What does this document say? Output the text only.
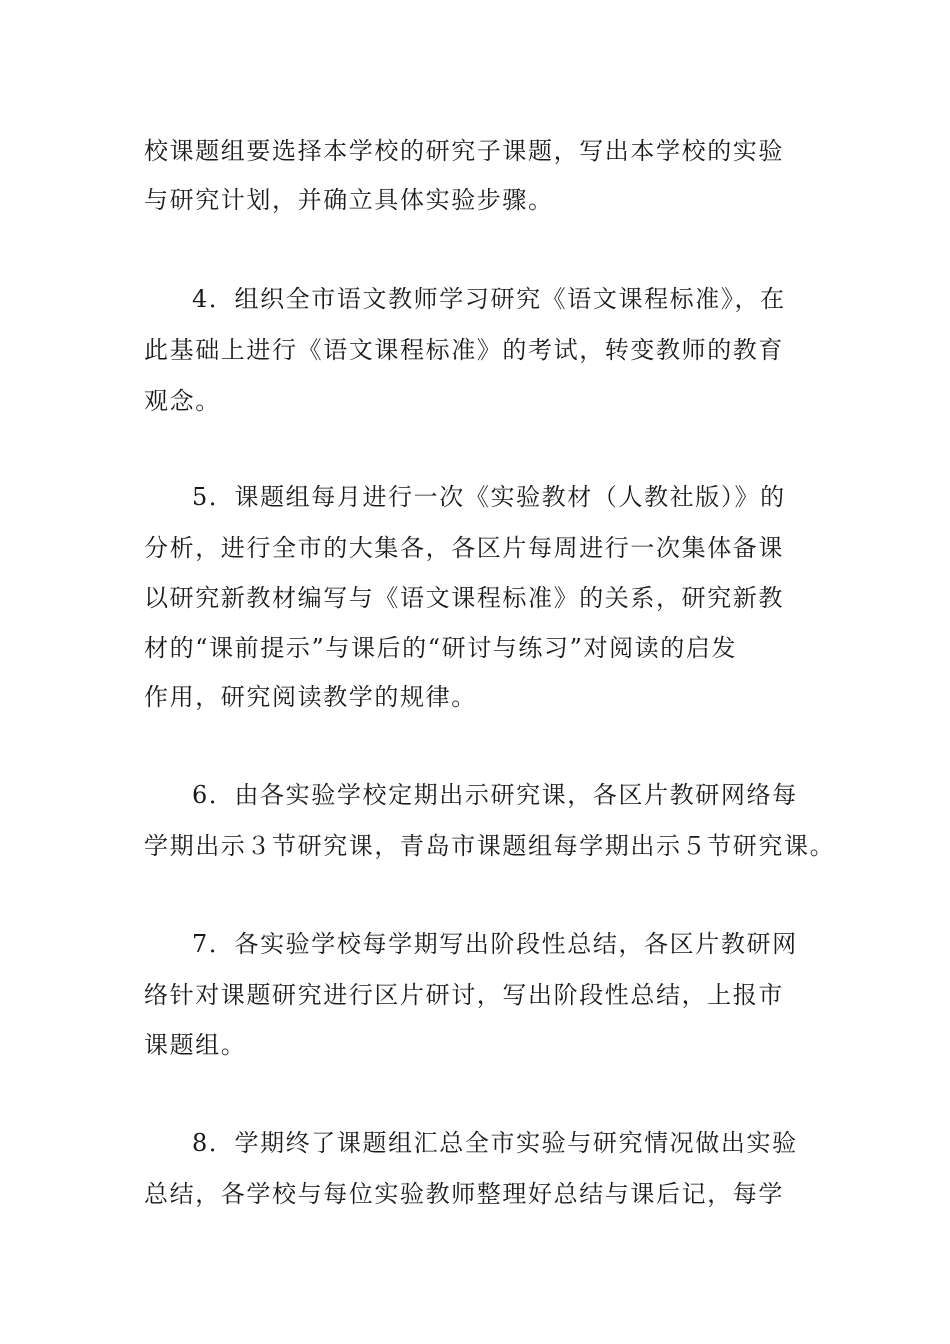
校课题组要选择本学校的研究子课题，写出本学校的实验
与研究计划，并确立具体实验步骤。
4．组织全市语文教师学习研究《语文课程标准》，在
此基础上进行《语文课程标准》的考试，转变教师的教育
观念。
5．课题组每月进行一次《实验教材（人教社版）》的
分析，进行全市的大集各，各区片每周进行一次集体备课
以研究新教材编写与《语文课程标准》的关系，研究新教
材的“课前提示”与课后的“研讨与练习”对阅读的启发
作用，研究阅读教学的规律。
6．由各实验学校定期出示研究课，各区片教研网络每
学期出示３节研究课，青岛市课题组每学期出示５节研究课。
7．各实验学校每学期写出阶段性总结，各区片教研网
络针对课题研究进行区片研讨，写出阶段性总结，上报市
课题组。
8．学期终了课题组汇总全市实验与研究情况做出实验
总结，各学校与每位实验教师整理好总结与课后记，每学
